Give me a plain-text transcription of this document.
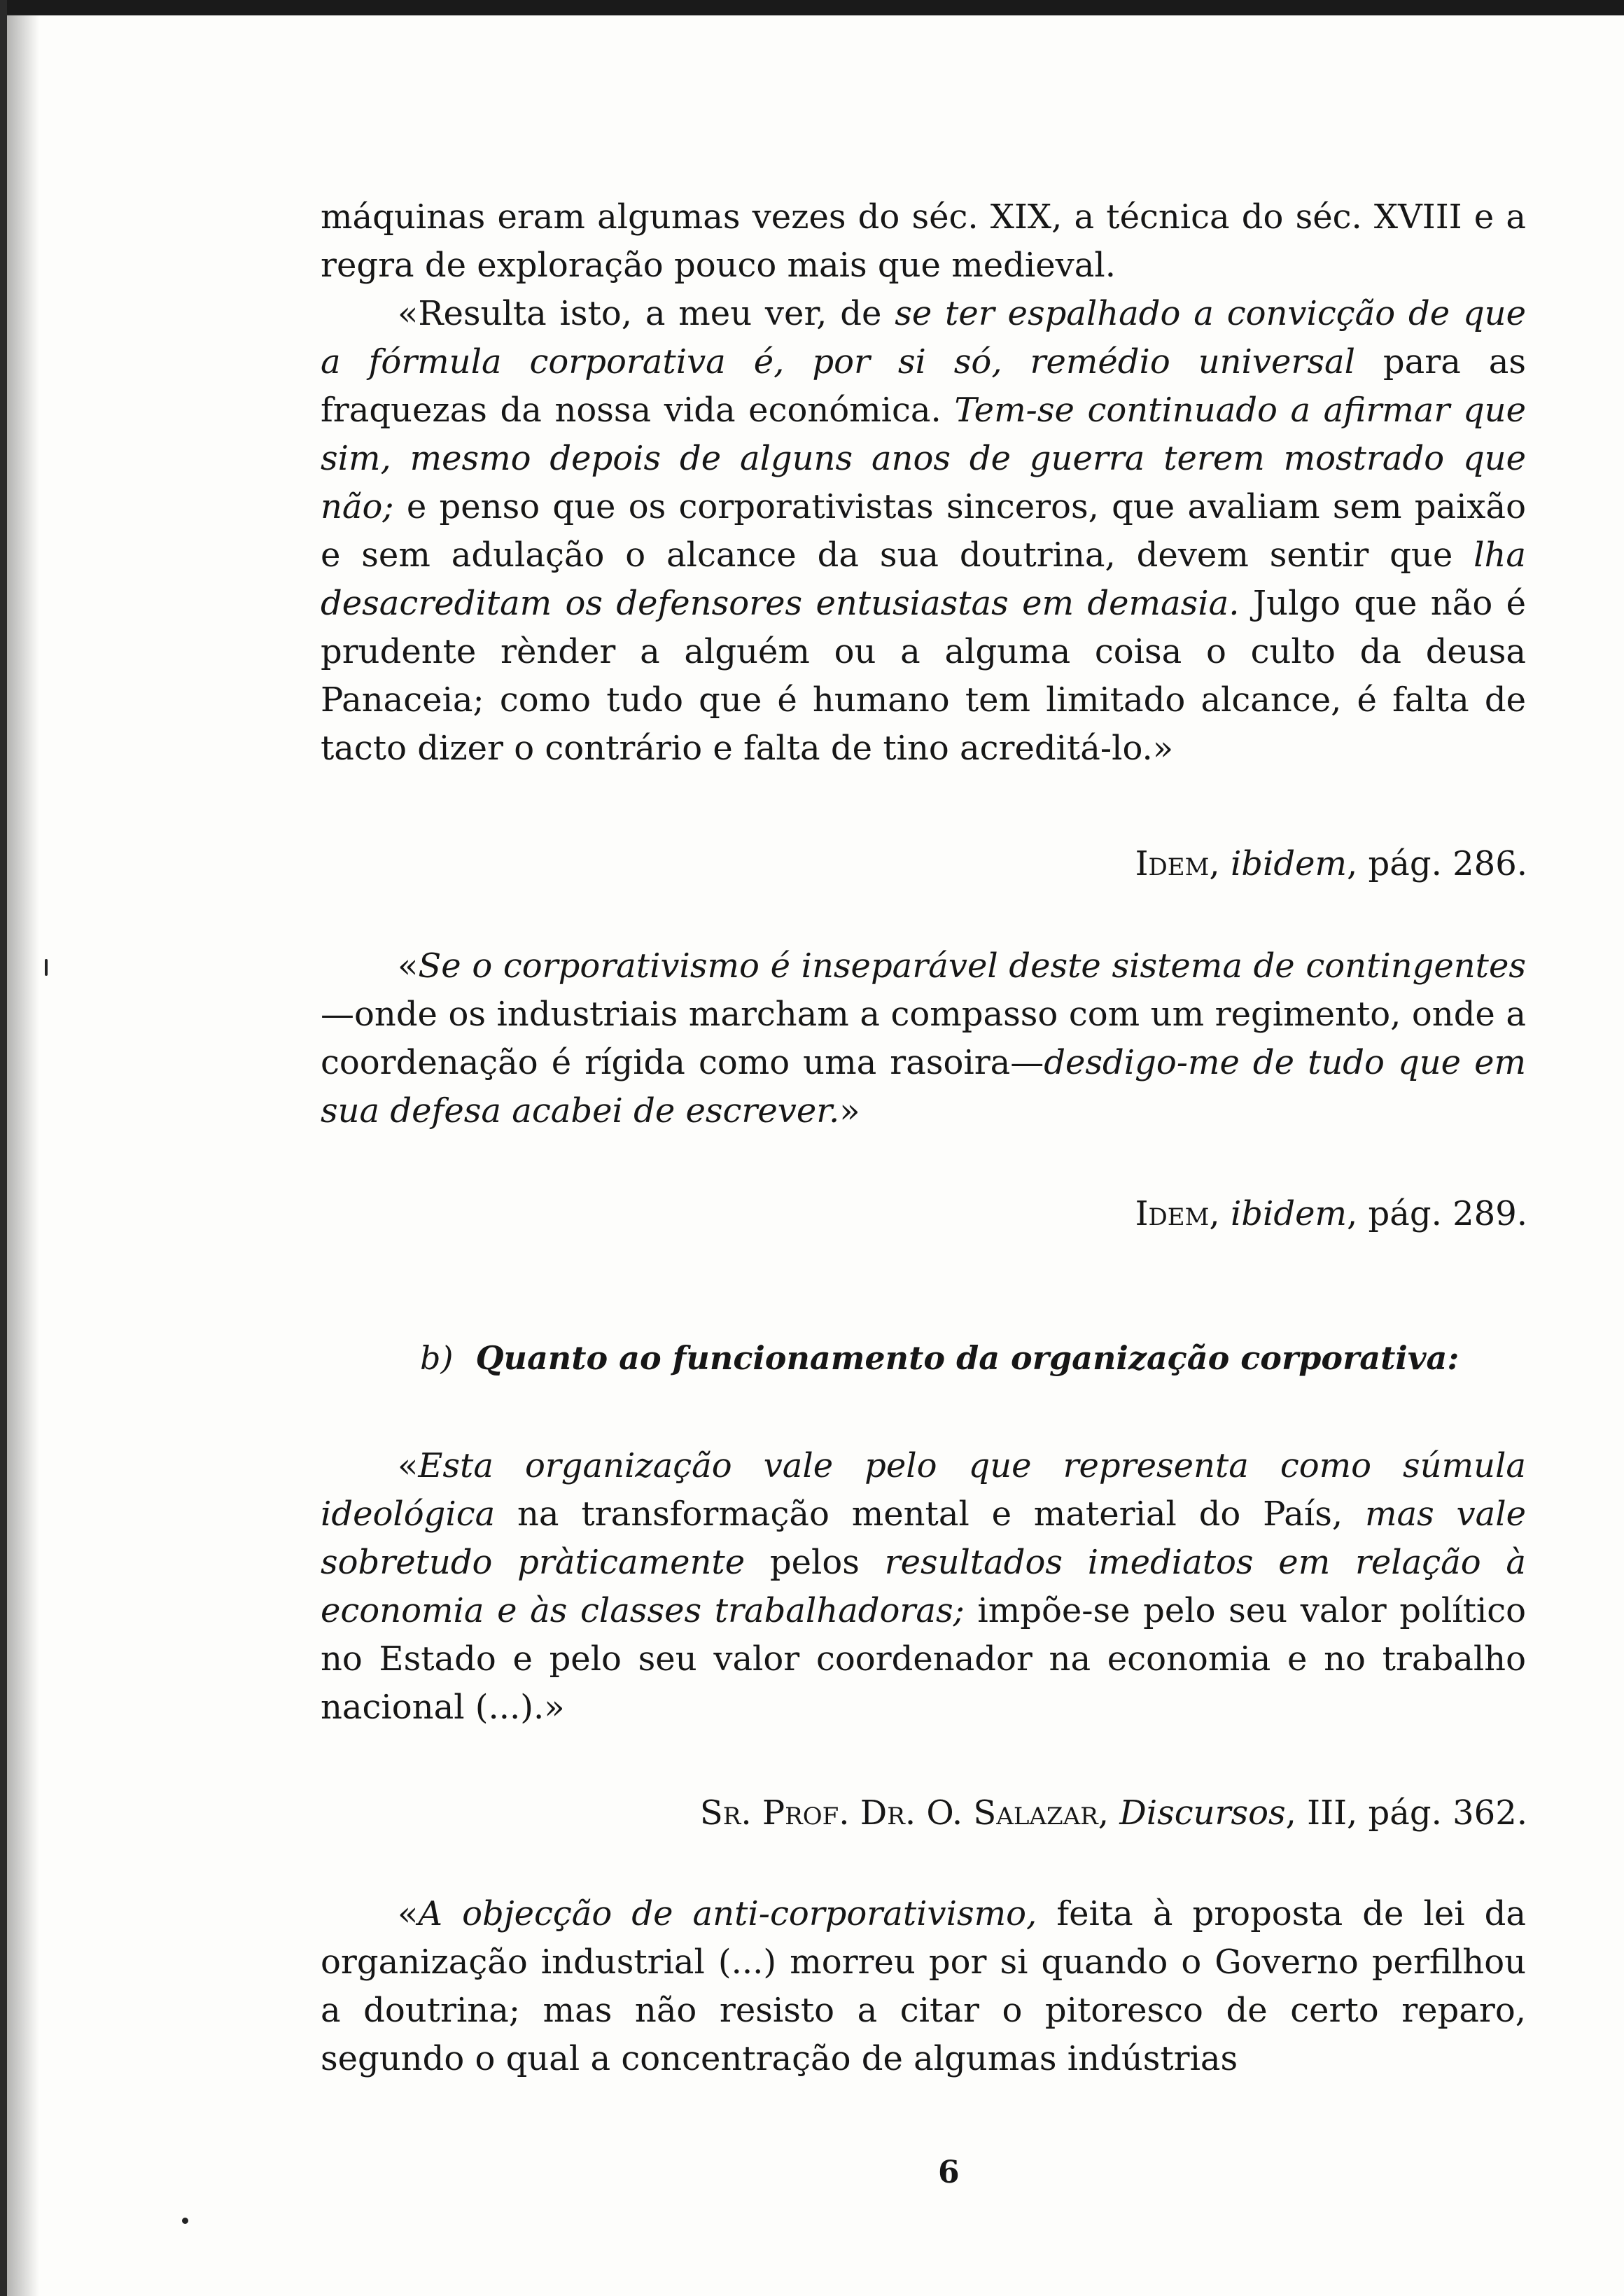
máquinas eram algumas vezes do séc. XIX, a técnica do séc. XVIII e a regra de exploração pouco mais que medieval.

«Resulta isto, a meu ver, de se ter espalhado a convicção de que a fórmula corporativa é, por si só, remédio universal para as fraquezas da nossa vida económica. Tem-se continuado a afirmar que sim, mesmo depois de alguns anos de guerra terem mostrado que não; e penso que os corporativistas sinceros, que avaliam sem paixão e sem adulação o alcance da sua doutrina, devem sentir que lha desacreditam os defensores entusiastas em demasia. Julgo que não é prudente rènder a alguém ou a alguma coisa o culto da deusa Panaceia; como tudo que é humano tem limitado alcance, é falta de tacto dizer o contrário e falta de tino acreditá-lo.»

Idem, ibidem, pág. 286.

«Se o corporativismo é inseparável deste sistema de contingentes—onde os industriais marcham a compasso com um regimento, onde a coordenação é rígida como uma rasoira—desdigo-me de tudo que em sua defesa acabei de escrever.»

Idem, ibidem, pág. 289.

b) Quanto ao funcionamento da organização corporativa:

«Esta organização vale pelo que representa como súmula ideológica na transformação mental e material do País, mas vale sobretudo pràticamente pelos resultados imediatos em relação à economia e às classes trabalhadoras; impõe-se pelo seu valor político no Estado e pelo seu valor coordenador na economia e no trabalho nacional (...).»

Sr. Prof. Dr. O. Salazar, Discursos, III, pág. 362.

«A objecção de anti-corporativismo, feita à proposta de lei da organização industrial (...) morreu por si quando o Governo perfilhou a doutrina; mas não resisto a citar o pitoresco de certo reparo, segundo o qual a concentração de algumas indústrias

6
